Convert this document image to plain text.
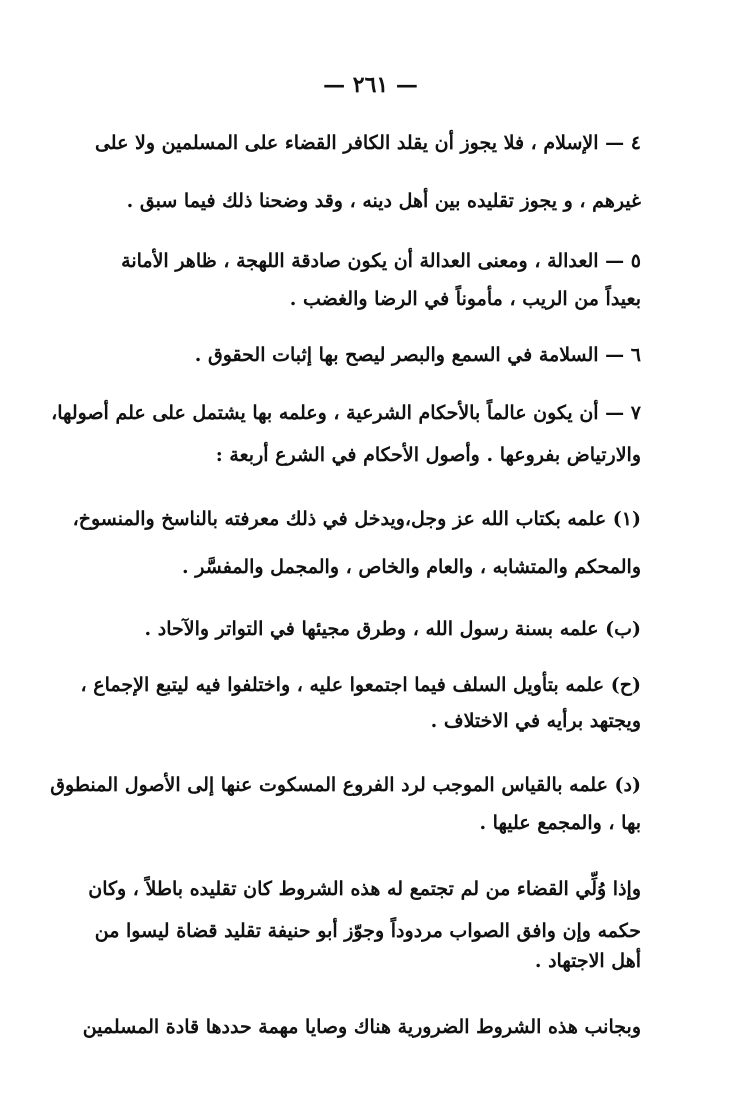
— ٢٦١ —
٤ — الإسلام ، فلا يجوز أن يقلد الكافر القضاء على المسلمين ولا على
غيرهم ، و يجوز تقليده بين أهل دينه ، وقد وضحنا ذلك فيما سبق .
٥ — العدالة ، ومعنى العدالة أن يكون صادقة اللهجة ، ظاهر الأمانة
بعيداً من الريب ، مأموناً في الرضا والغضب .
٦ — السلامة في السمع والبصر ليصح بها إثبات الحقوق .
٧ — أن يكون عالماً بالأحكام الشرعية ، وعلمه بها يشتمل على علم أصولها،
والارتياض بفروعها . وأصول الأحكام في الشرع أربعة :
(١) علمه بكتاب الله عز وجل،ويدخل في ذلك معرفته بالناسخ والمنسوخ،
والمحكم والمتشابه ، والعام والخاص ، والمجمل والمفسَّر .
(ب) علمه بسنة رسول الله ، وطرق مجيئها في التواتر والآحاد .
(ح) علمه بتأويل السلف فيما اجتمعوا عليه ، واختلفوا فيه ليتبع الإجماع ،
ويجتهد برأيه في الاختلاف .
(د) علمه بالقياس الموجب لرد الفروع المسكوت عنها إلى الأصول المنطوق
بها ، والمجمع عليها .
وإذا وُلِّي القضاء من لم تجتمع له هذه الشروط كان تقليده باطلاً ، وكان
حكمه وإن وافق الصواب مردوداً وجوّز أبو حنيفة تقليد قضاة ليسوا من
أهل الاجتهاد .
وبجانب هذه الشروط الضرورية هناك وصايا مهمة حددها قادة المسلمين
